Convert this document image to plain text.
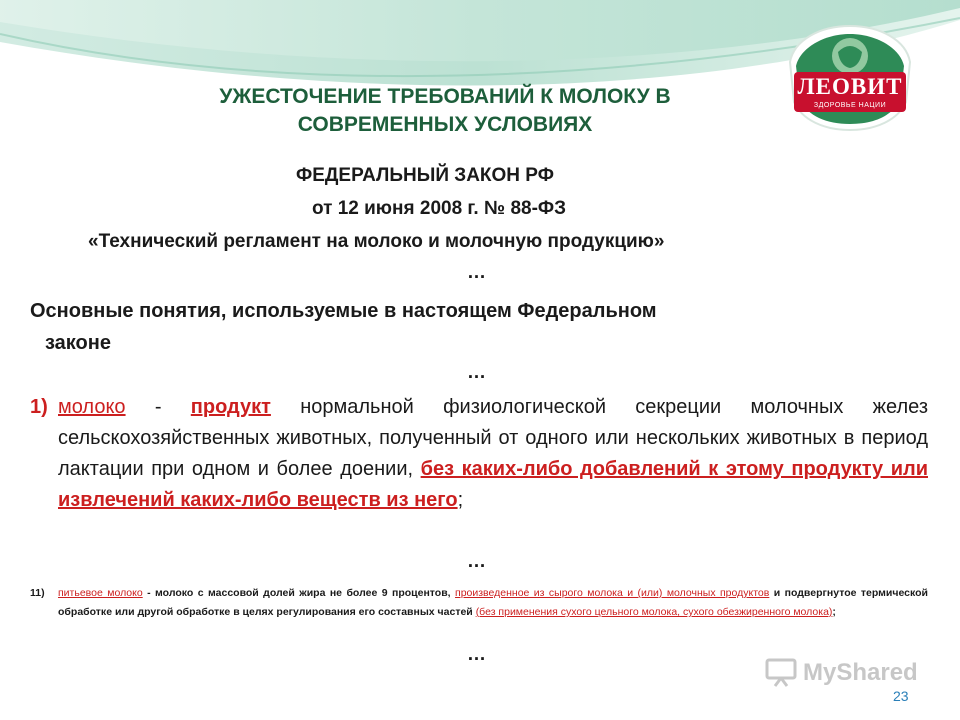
ЛЕОВИТ
ЗДОРОВЬЕ НАЦИИ
УЖЕСТОЧЕНИЕ ТРЕБОВАНИЙ К МОЛОКУ В
СОВРЕМЕННЫХ УСЛОВИЯХ
ФЕДЕРАЛЬНЫЙ ЗАКОН РФ
от 12 июня 2008 г. № 88-ФЗ
«Технический регламент на молоко и молочную продукцию»
…
Основные понятия, используемые в настоящем Федеральном
законе
…
1) молоко - продукт нормальной физиологической секреции молочных желез сельскохозяйственных животных, полученный от одного или нескольких животных в период лактации при одном и более доении, без каких-либо добавлений к этому продукту или извлечений каких-либо веществ из него;
…
11) питьевое молоко - молоко с массовой долей жира не более 9 процентов, произведенное из сырого молока и (или) молочных продуктов и подвергнутое термической обработке или другой обработке в целях регулирования его составных частей (без применения сухого цельного молока, сухого обезжиренного молока);
…
MyShared
23
